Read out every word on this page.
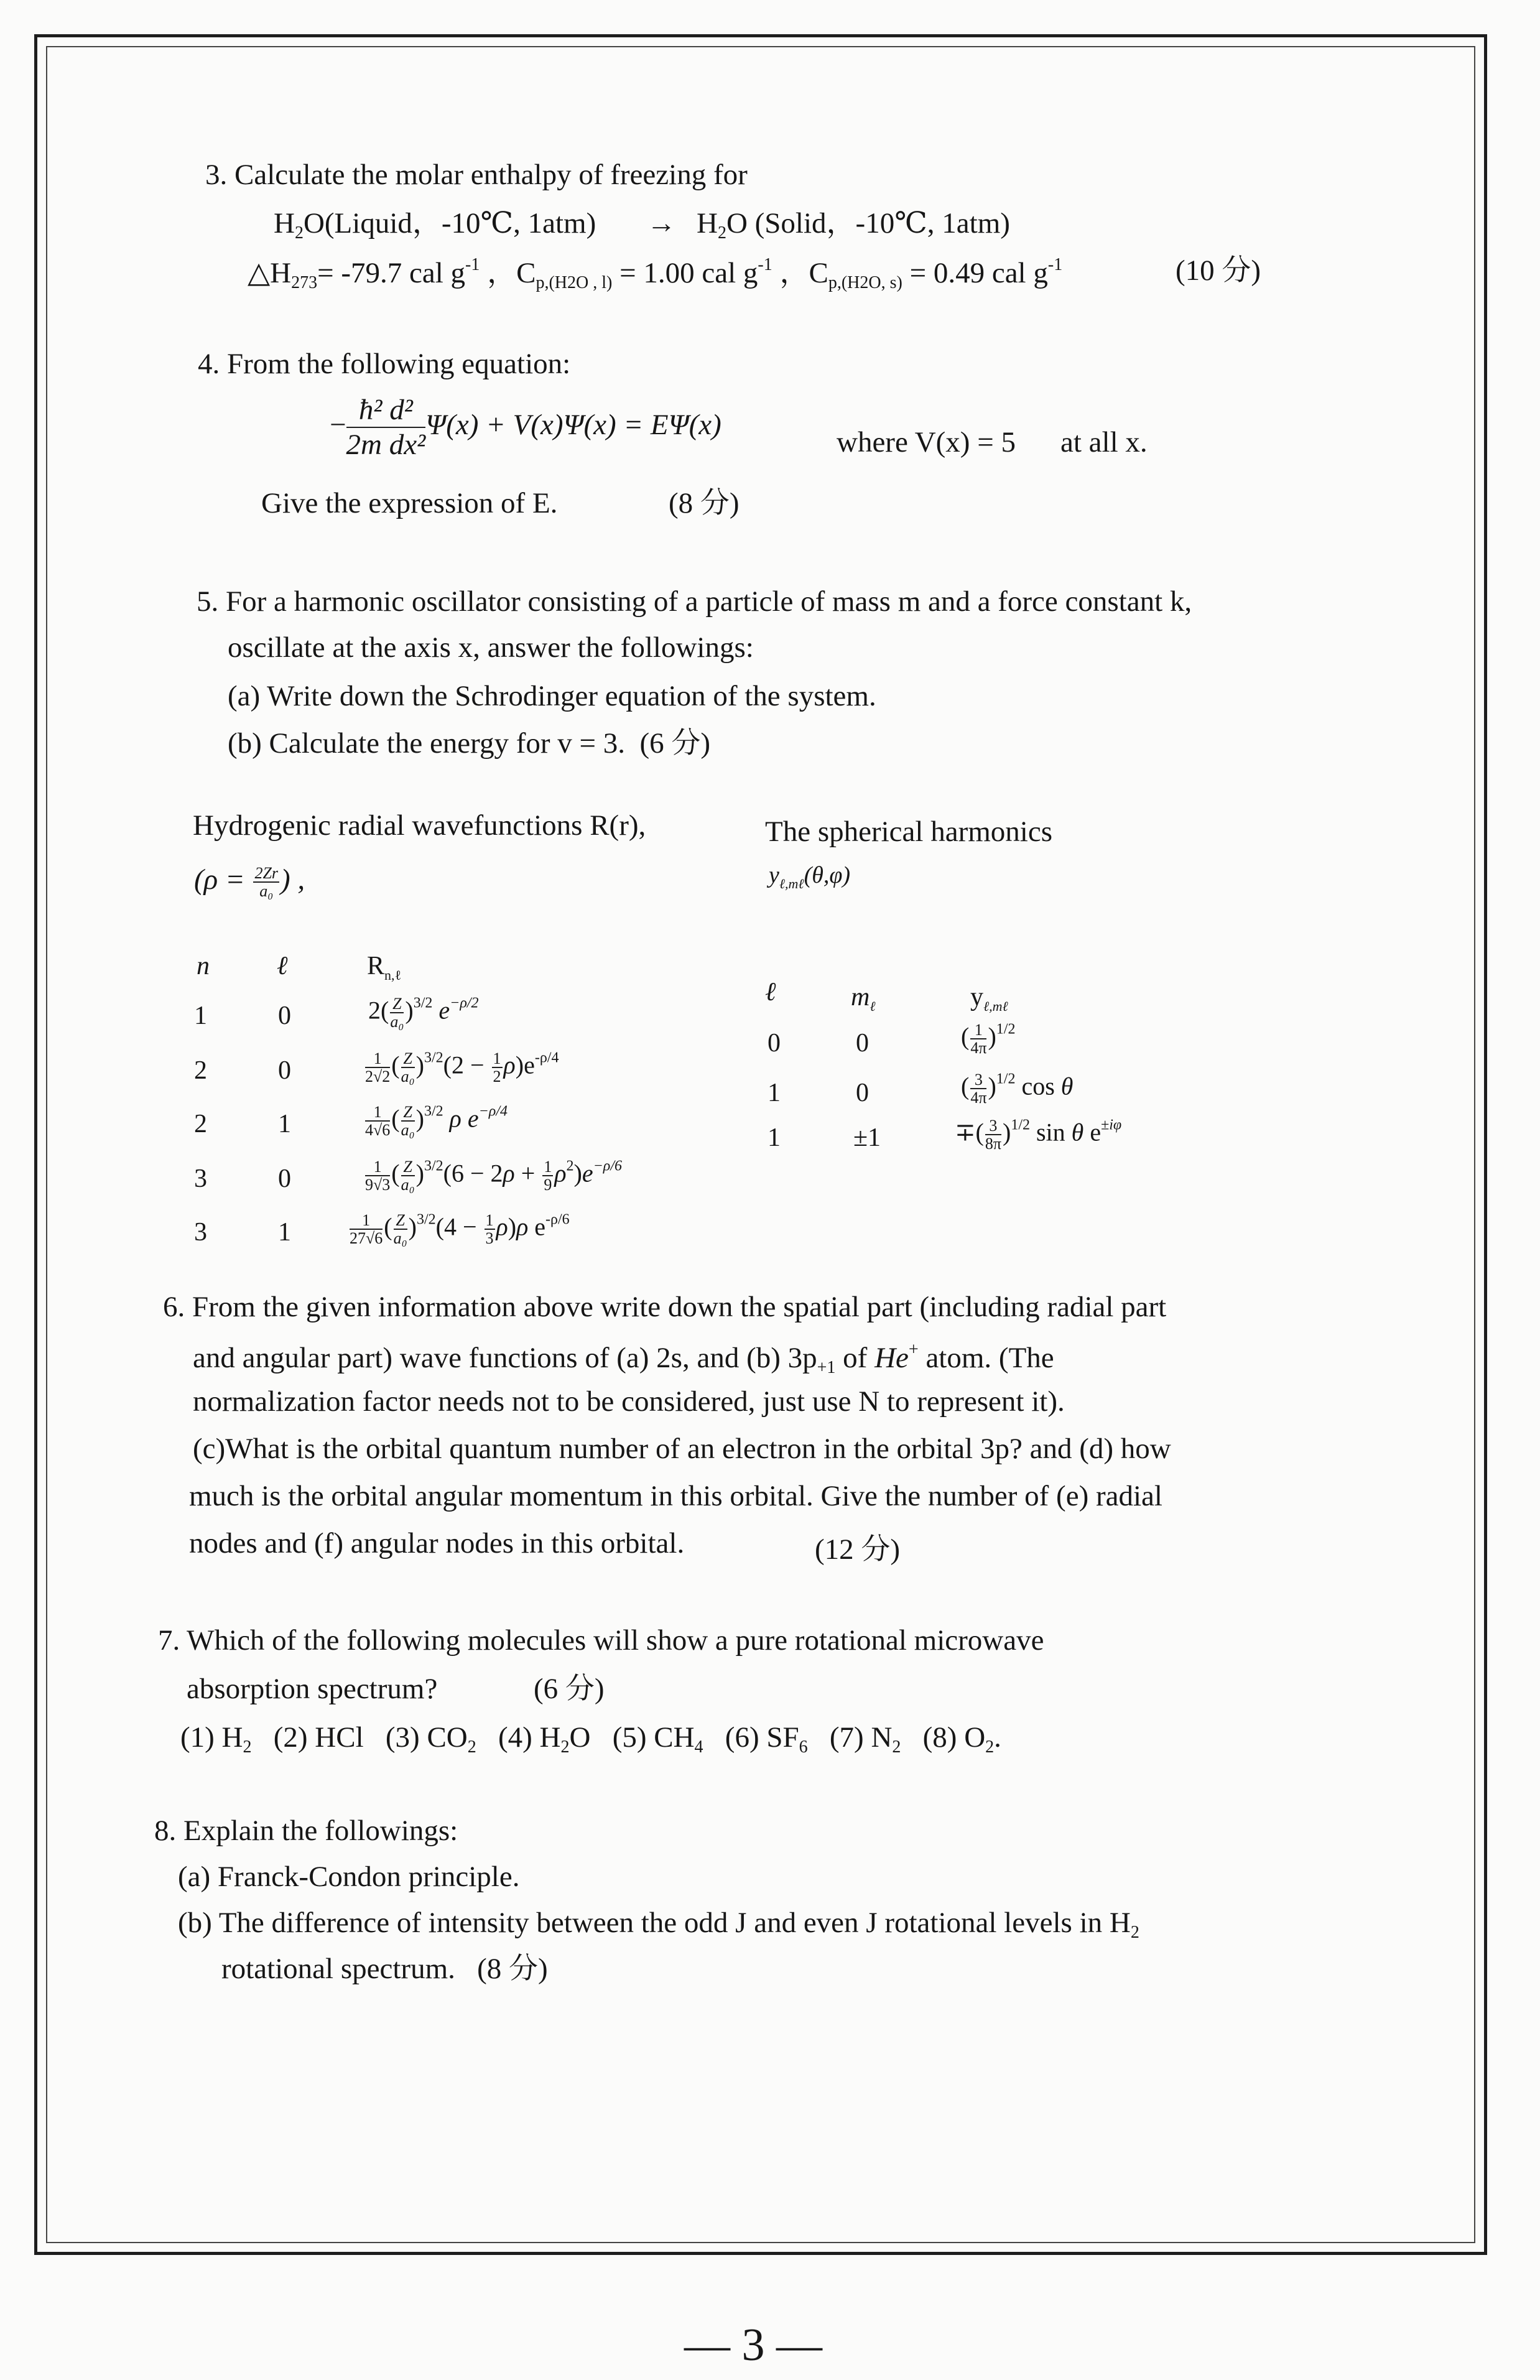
3. Calculate the molar enthalpy of freezing for
H2O(Liquid，-10℃, 1atm) → H2O (Solid，-10℃, 1atm)
△H273= -79.7 cal $g^{-1}$ ，Cp,(H2O , l) = 1.00 cal $g^{-1}$ ，Cp,(H2O, s) = 0.49 cal $g^{-1}$	(10 分)
4. From the following equation:
− $\frac{\text{ħ² d²}}{\text{2m dx²}} \Psi(x) + V(x)\Psi(x) = E\Psi(x)$
where V(x) = 5 at all x.
Give the expression of E.	(8 分)
5. For a harmonic oscillator consisting of a particle of mass m and a force constant k,
oscillate at the axis x, answer the followings:
(a) Write down the Schrodinger equation of the system.
(b) Calculate the energy for v = 3. (6 分)
Hydrogenic radial wavefunctions R(r),
($\rho = \frac{2Zr}{\text{a₀}}$ ) ,
n	ℓ	$R_{n,\ell}$
1	0	$2( \frac{Z}{\text{a₀}} )^{3/2}$ $e^{-\rho/2}$
2	0	$\frac{1}{2√2}$ ( $\frac{Z}{\text{a₀}} )^{3/2}(2 - \frac{1}{2} \rho)e^{-\rho/4}$
2	1	$\frac{1}{4√6}$ ( $\frac{Z}{\text{a₀}} )^{3/2}$ ρ $e^{-\rho/4}$
3	0	$\frac{1}{9√3}$ ( $\frac{Z}{\text{a₀}} )^{3/2}(6 - 2\rho + \frac{1}{9} \rho^2)e^{-\rho/6}$
3	1	$\frac{1}{27√6}$ ( $\frac{Z}{\text{a₀}} )^{3/2}(4 - \frac{1}{3} \rho)\rho$ $e^{-\rho/6}$
The spherical harmonics
$y_{\ell,m\ell}(\theta,\varphi)$
ℓ	$m_\ell$	$y_{\ell,m\ell}$
0	0	( $\frac{1}{4\pi} )^{1/2}$
1	0	( $\frac{3}{4\pi} )^{1/2}$ cos θ
1	±1	∓( $\frac{3}{8\pi} )^{1/2}$ sin θ $e^{\pm i\varphi}$
6. From the given information above write down the spatial part (including radial part
and angular part) wave functions of (a) 2s, and (b) 3p+1 of He+ atom. (The
normalization factor needs not to be considered, just use N to represent it).
(c)What is the orbital quantum number of an electron in the orbital 3p? and (d) how
much is the orbital angular momentum in this orbital. Give the number of (e) radial
nodes and (f) angular nodes in this orbital.	(12 分)
7. Which of the following molecules will show a pure rotational microwave
absorption spectrum?	(6 分)
(1) H2 (2) HCl (3) CO2 (4) H2O (5) CH4 (6) SF6 (7) N2 (8) O2.
8. Explain the followings:
(a) Franck-Condon principle.
(b) The difference of intensity between the odd J and even J rotational levels in H2
rotational spectrum. (8 分)
— 3 —
